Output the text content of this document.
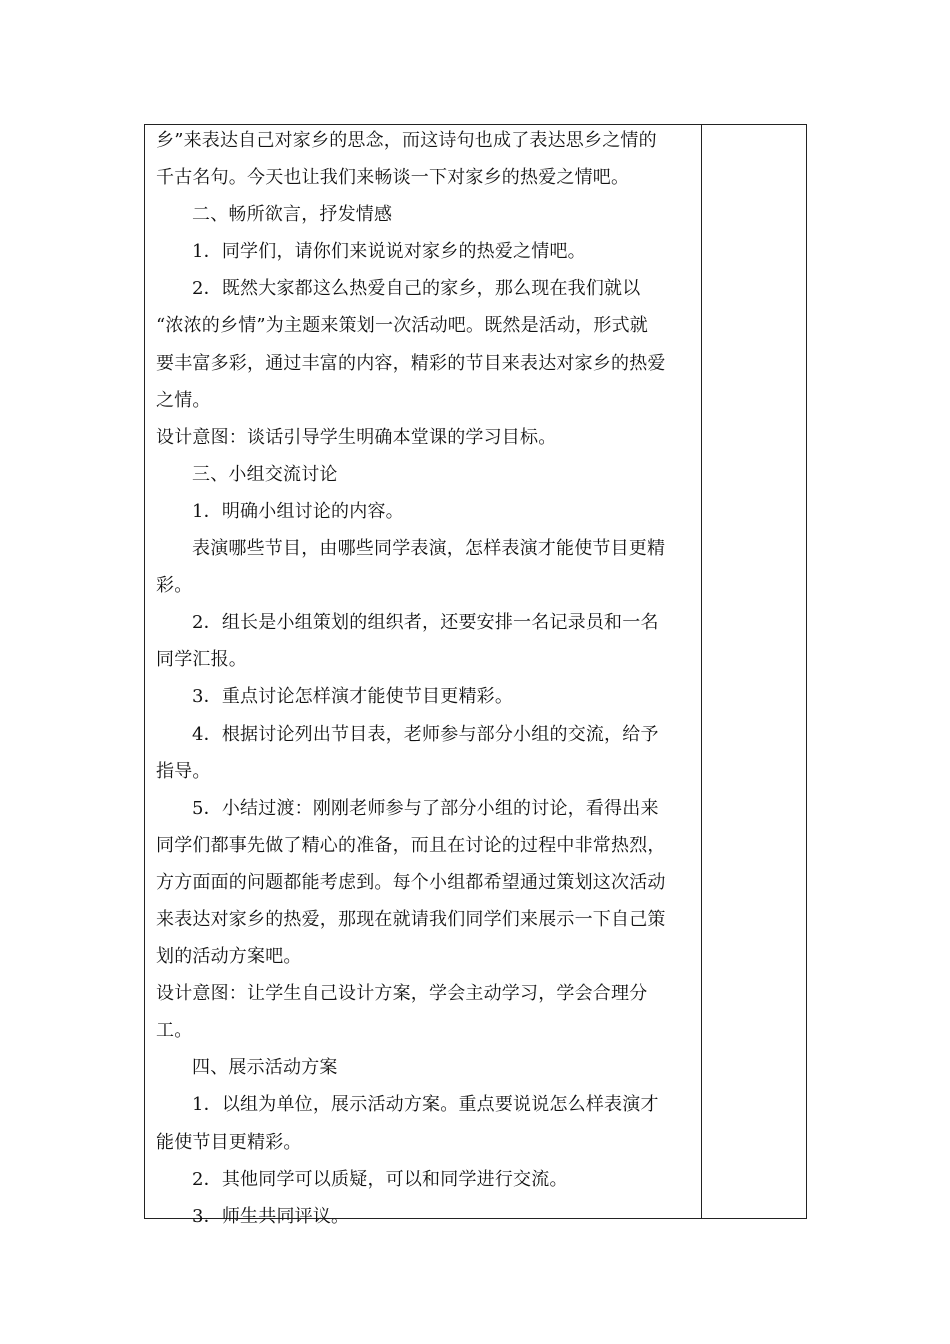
乡”来表达自己对家乡的思念，而这诗句也成了表达思乡之情的
千古名句。今天也让我们来畅谈一下对家乡的热爱之情吧。
二、畅所欲言，抒发情感
1．同学们，请你们来说说对家乡的热爱之情吧。
2．既然大家都这么热爱自己的家乡，那么现在我们就以
“浓浓的乡情”为主题来策划一次活动吧。既然是活动，形式就
要丰富多彩，通过丰富的内容，精彩的节目来表达对家乡的热爱
之情。
设计意图：谈话引导学生明确本堂课的学习目标。
三、小组交流讨论
1．明确小组讨论的内容。
表演哪些节目，由哪些同学表演，怎样表演才能使节目更精
彩。
2．组长是小组策划的组织者，还要安排一名记录员和一名
同学汇报。
3．重点讨论怎样演才能使节目更精彩。
4．根据讨论列出节目表，老师参与部分小组的交流，给予
指导。
5．小结过渡：刚刚老师参与了部分小组的讨论，看得出来
同学们都事先做了精心的准备，而且在讨论的过程中非常热烈，
方方面面的问题都能考虑到。每个小组都希望通过策划这次活动
来表达对家乡的热爱，那现在就请我们同学们来展示一下自己策
划的活动方案吧。
设计意图：让学生自己设计方案，学会主动学习，学会合理分
工。
四、展示活动方案
1．以组为单位，展示活动方案。重点要说说怎么样表演才
能使节目更精彩。
2．其他同学可以质疑，可以和同学进行交流。
3．师生共同评议。
